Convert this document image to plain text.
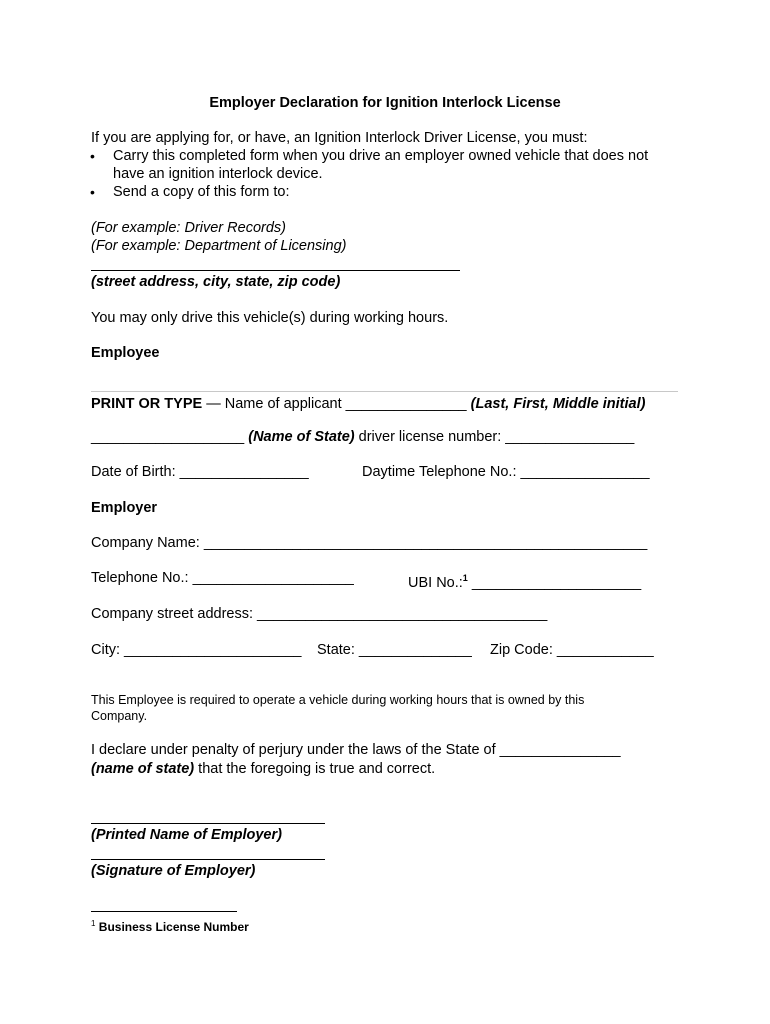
Employer Declaration for Ignition Interlock License
If you are applying for, or have, an Ignition Interlock Driver License, you must:
• Carry this completed form when you drive an employer owned vehicle that does not
have an ignition interlock device.
• Send a copy of this form to:
(For example: Driver Records)
(For example: Department of Licensing)
(street address, city, state, zip code)
You may only drive this vehicle(s) during working hours.
Employee
PRINT OR TYPE — Name of applicant _______________ (Last, First, Middle initial)
___________________ (Name of State) driver license number: ________________
Date of Birth: ________________	Daytime Telephone No.: ________________
Employer
Company Name: _______________________________________________________
Telephone No.: ____________________	UBI No.:$^1$ _____________________
Company street address: ____________________________________
City: ______________________ State: ______________ Zip Code: ____________
This Employee is required to operate a vehicle during working hours that is owned by this
Company.
I declare under penalty of perjury under the laws of the State of _______________
(name of state) that the foregoing is true and correct.
(Printed Name of Employer)
(Signature of Employer)
$^1$ Business License Number
